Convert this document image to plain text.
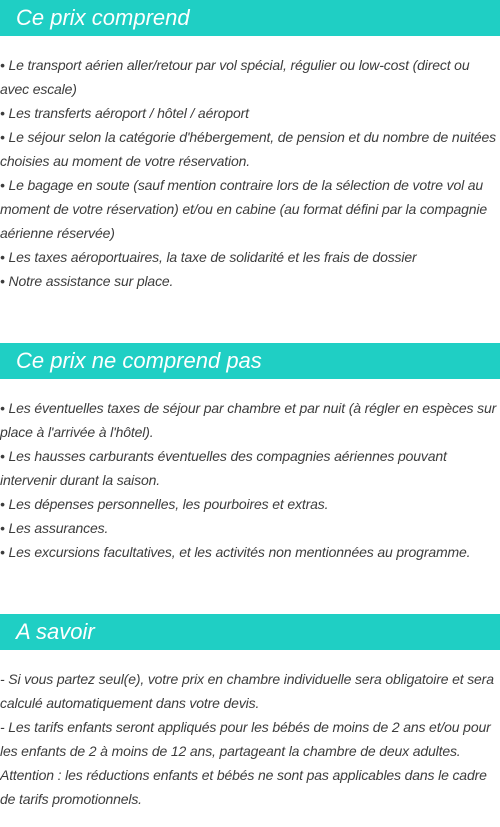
Ce prix comprend
• Le transport aérien aller/retour par vol spécial, régulier ou low-cost (direct ou avec escale)
• Les transferts aéroport / hôtel / aéroport
• Le séjour selon la catégorie d'hébergement, de pension et du nombre de nuitées choisies au moment de votre réservation.
• Le bagage en soute (sauf mention contraire lors de la sélection de votre vol au moment de votre réservation) et/ou en cabine (au format défini par la compagnie aérienne réservée)
• Les taxes aéroportuaires, la taxe de solidarité et les frais de dossier
• Notre assistance sur place.
Ce prix ne comprend pas
• Les éventuelles taxes de séjour par chambre et par nuit (à régler en espèces sur place à l'arrivée à l'hôtel).
• Les hausses carburants éventuelles des compagnies aériennes pouvant intervenir durant la saison.
• Les dépenses personnelles, les pourboires et extras.
• Les assurances.
• Les excursions facultatives, et les activités non mentionnées au programme.
A savoir
- Si vous partez seul(e), votre prix en chambre individuelle sera obligatoire et sera calculé automatiquement dans votre devis.
- Les tarifs enfants seront appliqués pour les bébés de moins de 2 ans et/ou pour les enfants de 2 à moins de 12 ans, partageant la chambre de deux adultes.
Attention : les réductions enfants et bébés ne sont pas applicables dans le cadre de tarifs promotionnels.
